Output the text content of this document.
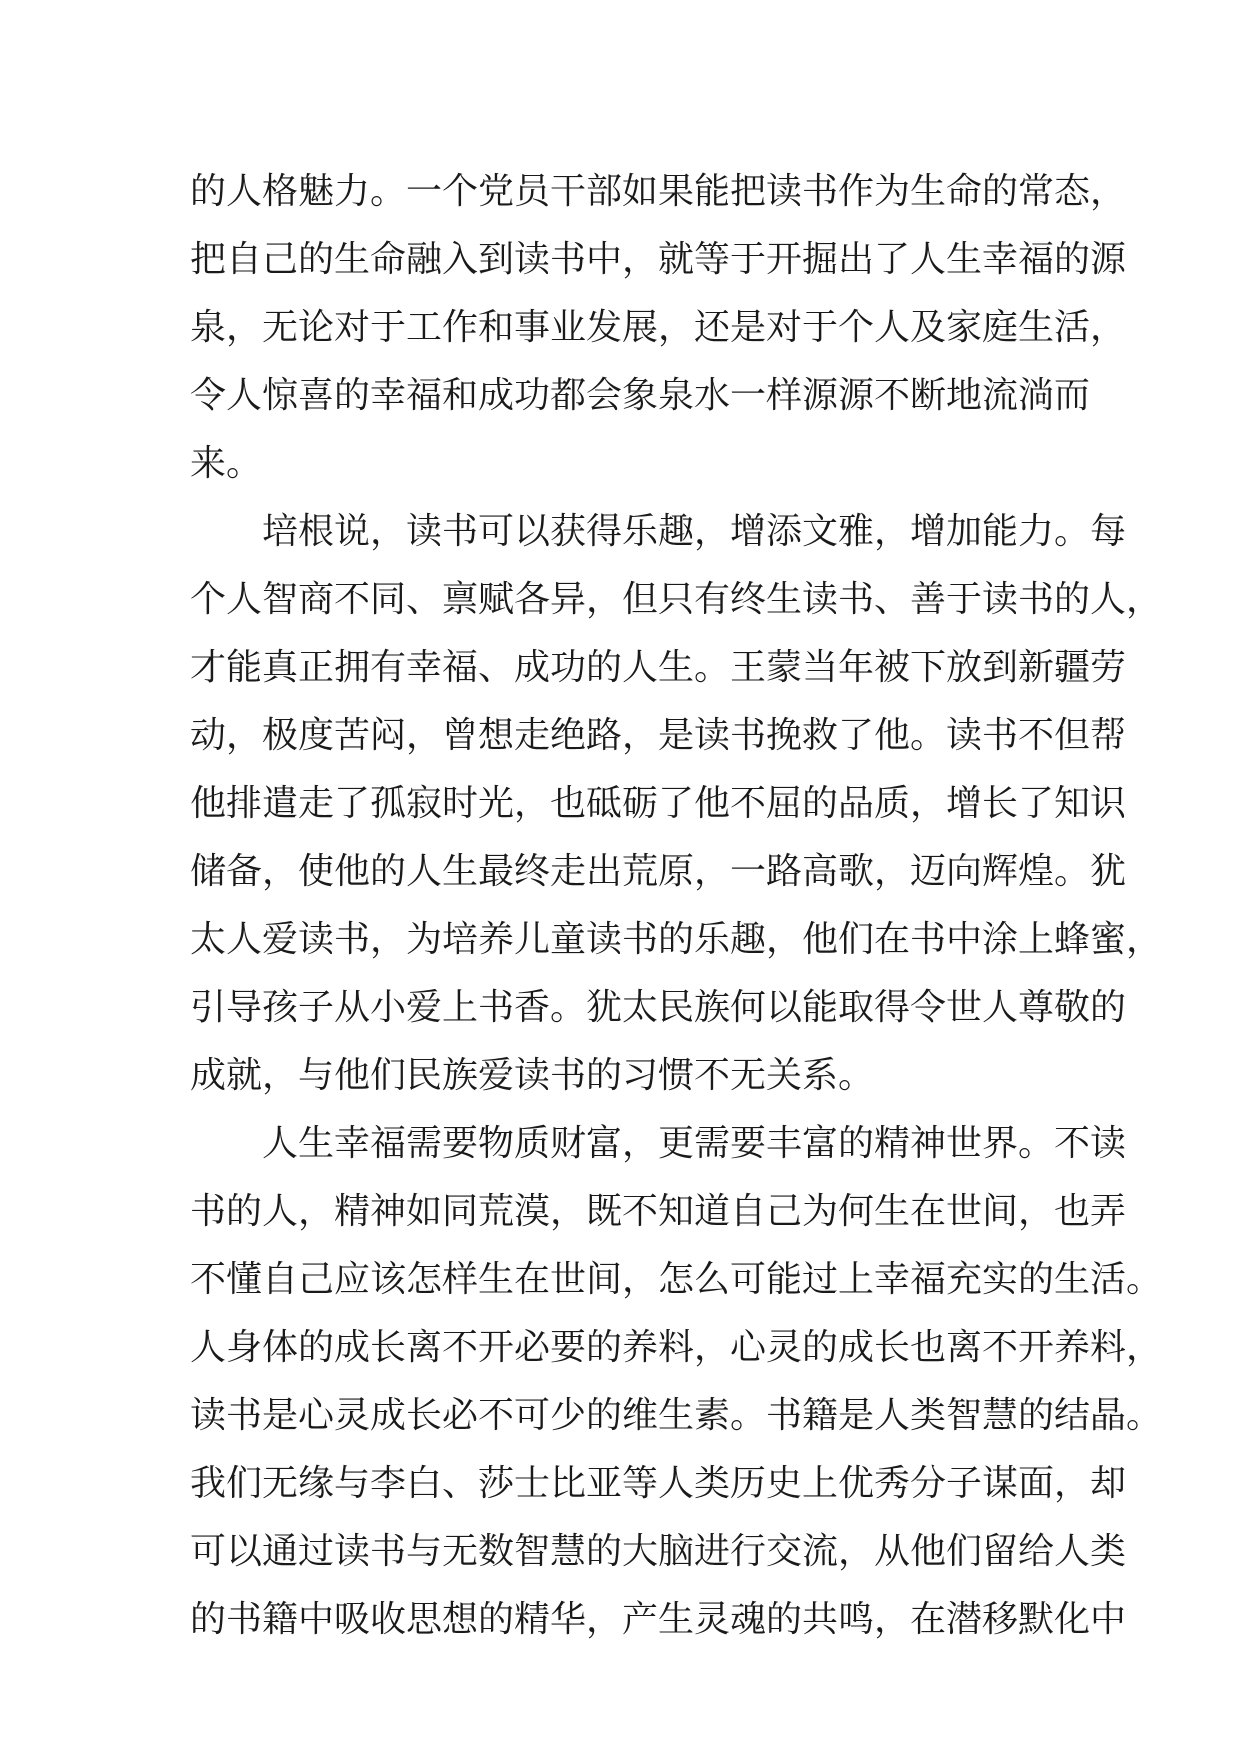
的人格魅力。一个党员干部如果能把读书作为生命的常态，
把自己的生命融入到读书中，就等于开掘出了人生幸福的源
泉，无论对于工作和事业发展，还是对于个人及家庭生活，
令人惊喜的幸福和成功都会象泉水一样源源不断地流淌而
来。
培根说，读书可以获得乐趣，增添文雅，增加能力。每
个人智商不同、禀赋各异，但只有终生读书、善于读书的人，
才能真正拥有幸福、成功的人生。王蒙当年被下放到新疆劳
动，极度苦闷，曾想走绝路，是读书挽救了他。读书不但帮
他排遣走了孤寂时光，也砥砺了他不屈的品质，增长了知识
储备，使他的人生最终走出荒原，一路高歌，迈向辉煌。犹
太人爱读书，为培养儿童读书的乐趣，他们在书中涂上蜂蜜，
引导孩子从小爱上书香。犹太民族何以能取得令世人尊敬的
成就，与他们民族爱读书的习惯不无关系。
人生幸福需要物质财富，更需要丰富的精神世界。不读
书的人，精神如同荒漠，既不知道自己为何生在世间，也弄
不懂自己应该怎样生在世间，怎么可能过上幸福充实的生活。
人身体的成长离不开必要的养料，心灵的成长也离不开养料，
读书是心灵成长必不可少的维生素。书籍是人类智慧的结晶。
我们无缘与李白、莎士比亚等人类历史上优秀分子谋面，却
可以通过读书与无数智慧的大脑进行交流，从他们留给人类
的书籍中吸收思想的精华，产生灵魂的共鸣，在潜移默化中
